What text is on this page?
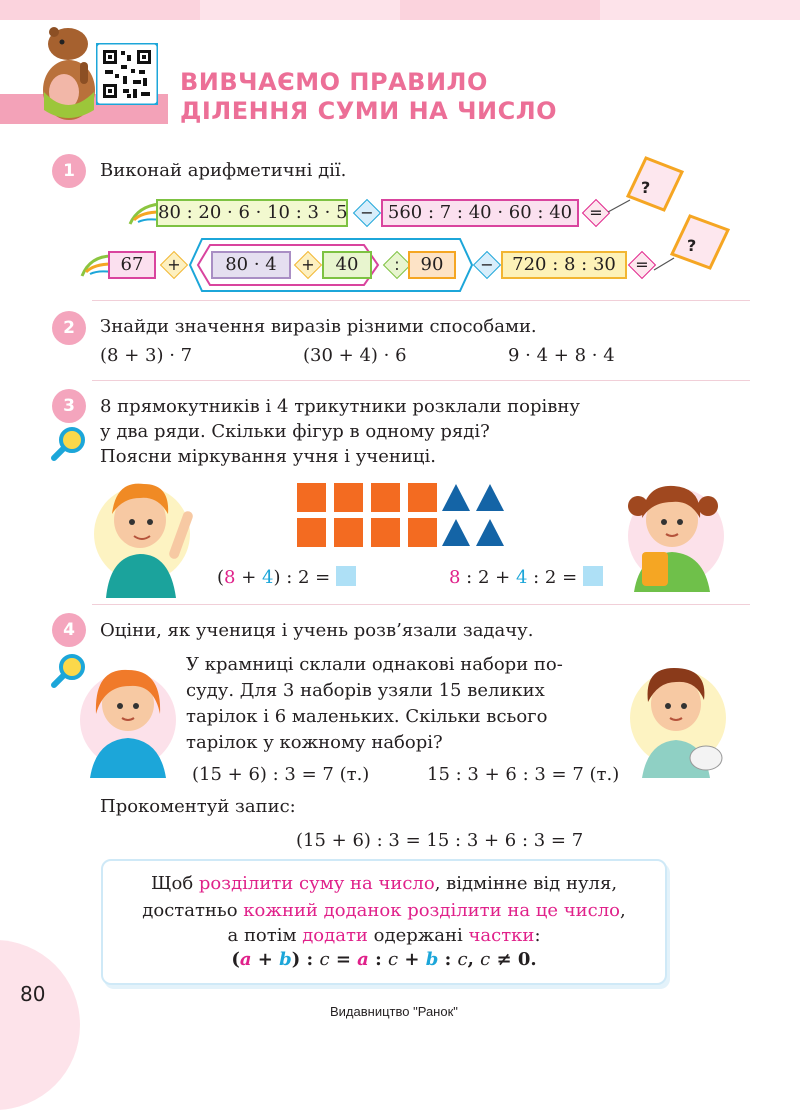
ВИВЧАЄМО ПРАВИЛО
ДІЛЕННЯ СУМИ НА ЧИСЛО
1	Виконай арифметичні дії.
80 : 20 · 6 · 10 : 3 · 5 − 560 : 7 : 40 · 60 : 40	=
?
67	+	80 · 4	+	40	:	90	−	720 : 8 : 30	=
?
2	Знайди значення виразів різними способами.
(8 + 3) · 7	(30 + 4) · 6	9 · 4 + 8 · 4
3	8 прямокутників і 4 трикутники розклали порівну
у два ряди. Скільки фігур в одному ряді?
Поясни міркування учня і учениці.
(8 + 4) : 2 =	8 : 2 + 4 : 2 =
4	Оціни, як учениця і учень розв’язали задачу.
У крамниці склали однакові набори по-
суду. Для 3 наборів узяли 15 великих
тарілок і 6 маленьких. Скільки всього
тарілок у кожному наборі?
(15 + 6) : 3 = 7 (т.)	15 : 3 + 6 : 3 = 7 (т.)
Прокоментуй запис:
(15 + 6) : 3 = 15 : 3 + 6 : 3 = 7
Щоб розділити суму на число, відмінне від нуля,
достатньо кожний доданок розділити на це число,
а потім додати одержані частки:
(a + b) : c = a : c + b : c, c ≠ 0.
80
Видавництво "Ранок"
